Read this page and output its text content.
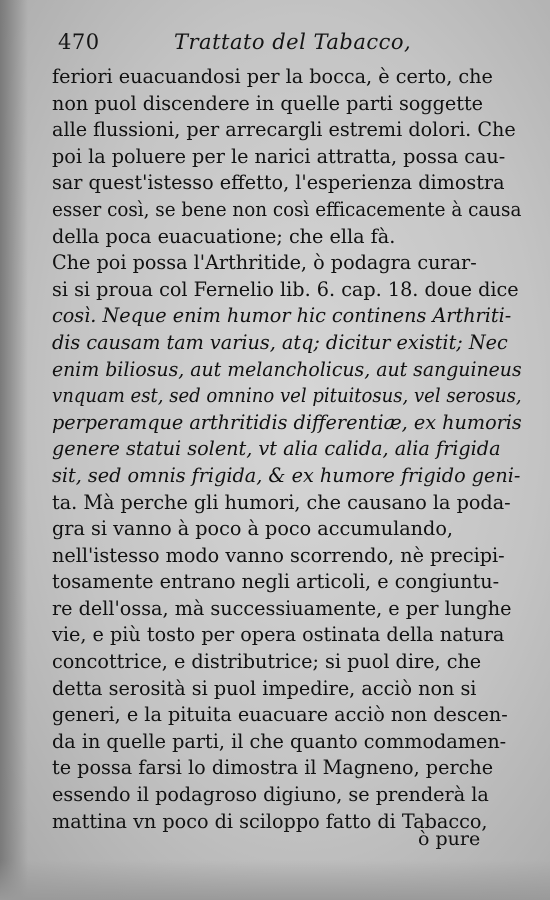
470	Trattato del Tabacco,
feriori euacuandosi per la bocca, è certo, che
non puol discendere in quelle parti soggette
alle flussioni, per arrecargli estremi dolori. Che
poi la poluere per le narici attratta, possa cau-
sar quest'istesso effetto, l'esperienza dimostra
esser così, se bene non così efficacemente à causa
della poca euacuatione; che ella fà.
Che poi possa l'Arthritide, ò podagra curar-
si si proua col Fernelio lib. 6. cap. 18. doue dice
così. Neque enim humor hic continens Arthriti-
dis causam tam varius, atq; dicitur existit; Nec
enim biliosus, aut melancholicus, aut sanguineus
vnquam est, sed omnino vel pituitosus, vel serosus,
perperamque arthritidis differentiæ, ex humoris
genere statui solent, vt alia calida, alia frigida
sit, sed omnis frigida, & ex humore frigido geni-
ta. Mà perche gli humori, che causano la poda-
gra si vanno à poco à poco accumulando,
nell'istesso modo vanno scorrendo, nè precipi-
tosamente entrano negli articoli, e congiuntu-
re dell'ossa, mà successiuamente, e per lunghe
vie, e più tosto per opera ostinata della natura
concottrice, e distributrice; si puol dire, che
detta serosità si puol impedire, acciò non si
generi, e la pituita euacuare acciò non descen-
da in quelle parti, il che quanto commodamen-
te possa farsi lo dimostra il Magneno, perche
essendo il podagroso digiuno, se prenderà la
mattina vn poco di sciloppo fatto di Tabacco,
ò pure
